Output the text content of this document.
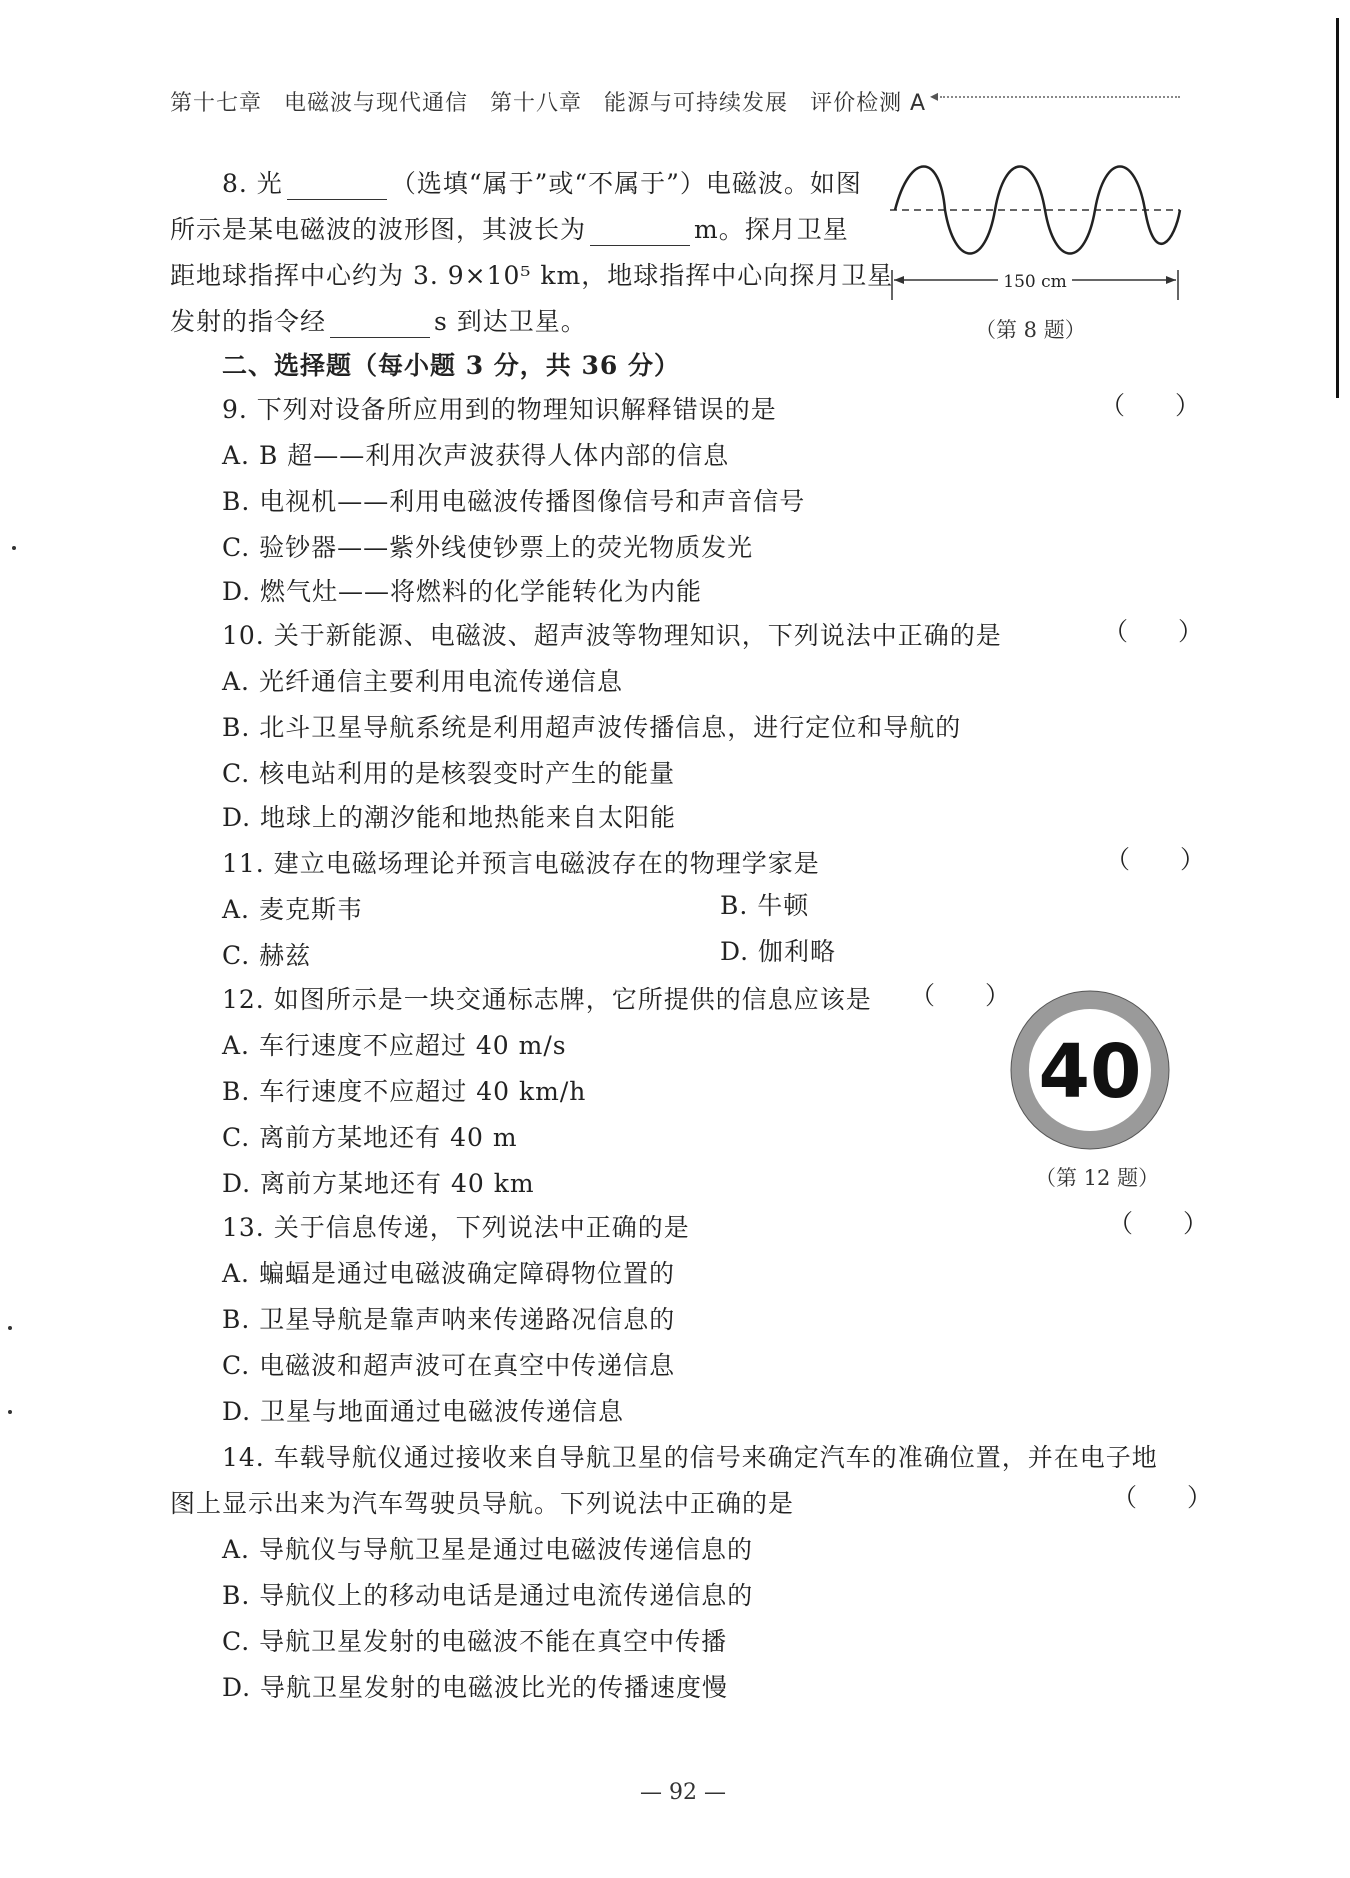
第十七章 电磁波与现代通信 第十八章 能源与可持续发展 评价检测 A ◂
8. 光	（选填“属于”或“不属于”）电磁波。如图
所示是某电磁波的波形图，其波长为	m。探月卫星
距地球指挥中心约为 3. 9×10⁵ km，地球指挥中心向探月卫星
发射的指令经	s 到达卫星。
150 cm
（第 8 题）
二、选择题（每小题 3 分，共 36 分）
9. 下列对设备所应用到的物理知识解释错误的是	（　　）
A. B 超——利用次声波获得人体内部的信息
B. 电视机——利用电磁波传播图像信号和声音信号
C. 验钞器——紫外线使钞票上的荧光物质发光
D. 燃气灶——将燃料的化学能转化为内能
10. 关于新能源、电磁波、超声波等物理知识，下列说法中正确的是	（　　）
A. 光纤通信主要利用电流传递信息
B. 北斗卫星导航系统是利用超声波传播信息，进行定位和导航的
C. 核电站利用的是核裂变时产生的能量
D. 地球上的潮汐能和地热能来自太阳能
11. 建立电磁场理论并预言电磁波存在的物理学家是	（　　）
A. 麦克斯韦	B. 牛顿
C. 赫兹	D. 伽利略
12. 如图所示是一块交通标志牌，它所提供的信息应该是 （　　）
A. 车行速度不应超过 40 m/s
B. 车行速度不应超过 40 km/h
C. 离前方某地还有 40 m
D. 离前方某地还有 40 km
40
（第 12 题）
13. 关于信息传递，下列说法中正确的是	（　　）
A. 蝙蝠是通过电磁波确定障碍物位置的
B. 卫星导航是靠声呐来传递路况信息的
C. 电磁波和超声波可在真空中传递信息
D. 卫星与地面通过电磁波传递信息
14. 车载导航仪通过接收来自导航卫星的信号来确定汽车的准确位置，并在电子地
图上显示出来为汽车驾驶员导航。下列说法中正确的是	（　　）
A. 导航仪与导航卫星是通过电磁波传递信息的
B. 导航仪上的移动电话是通过电流传递信息的
C. 导航卫星发射的电磁波不能在真空中传播
D. 导航卫星发射的电磁波比光的传播速度慢
— 92 —
